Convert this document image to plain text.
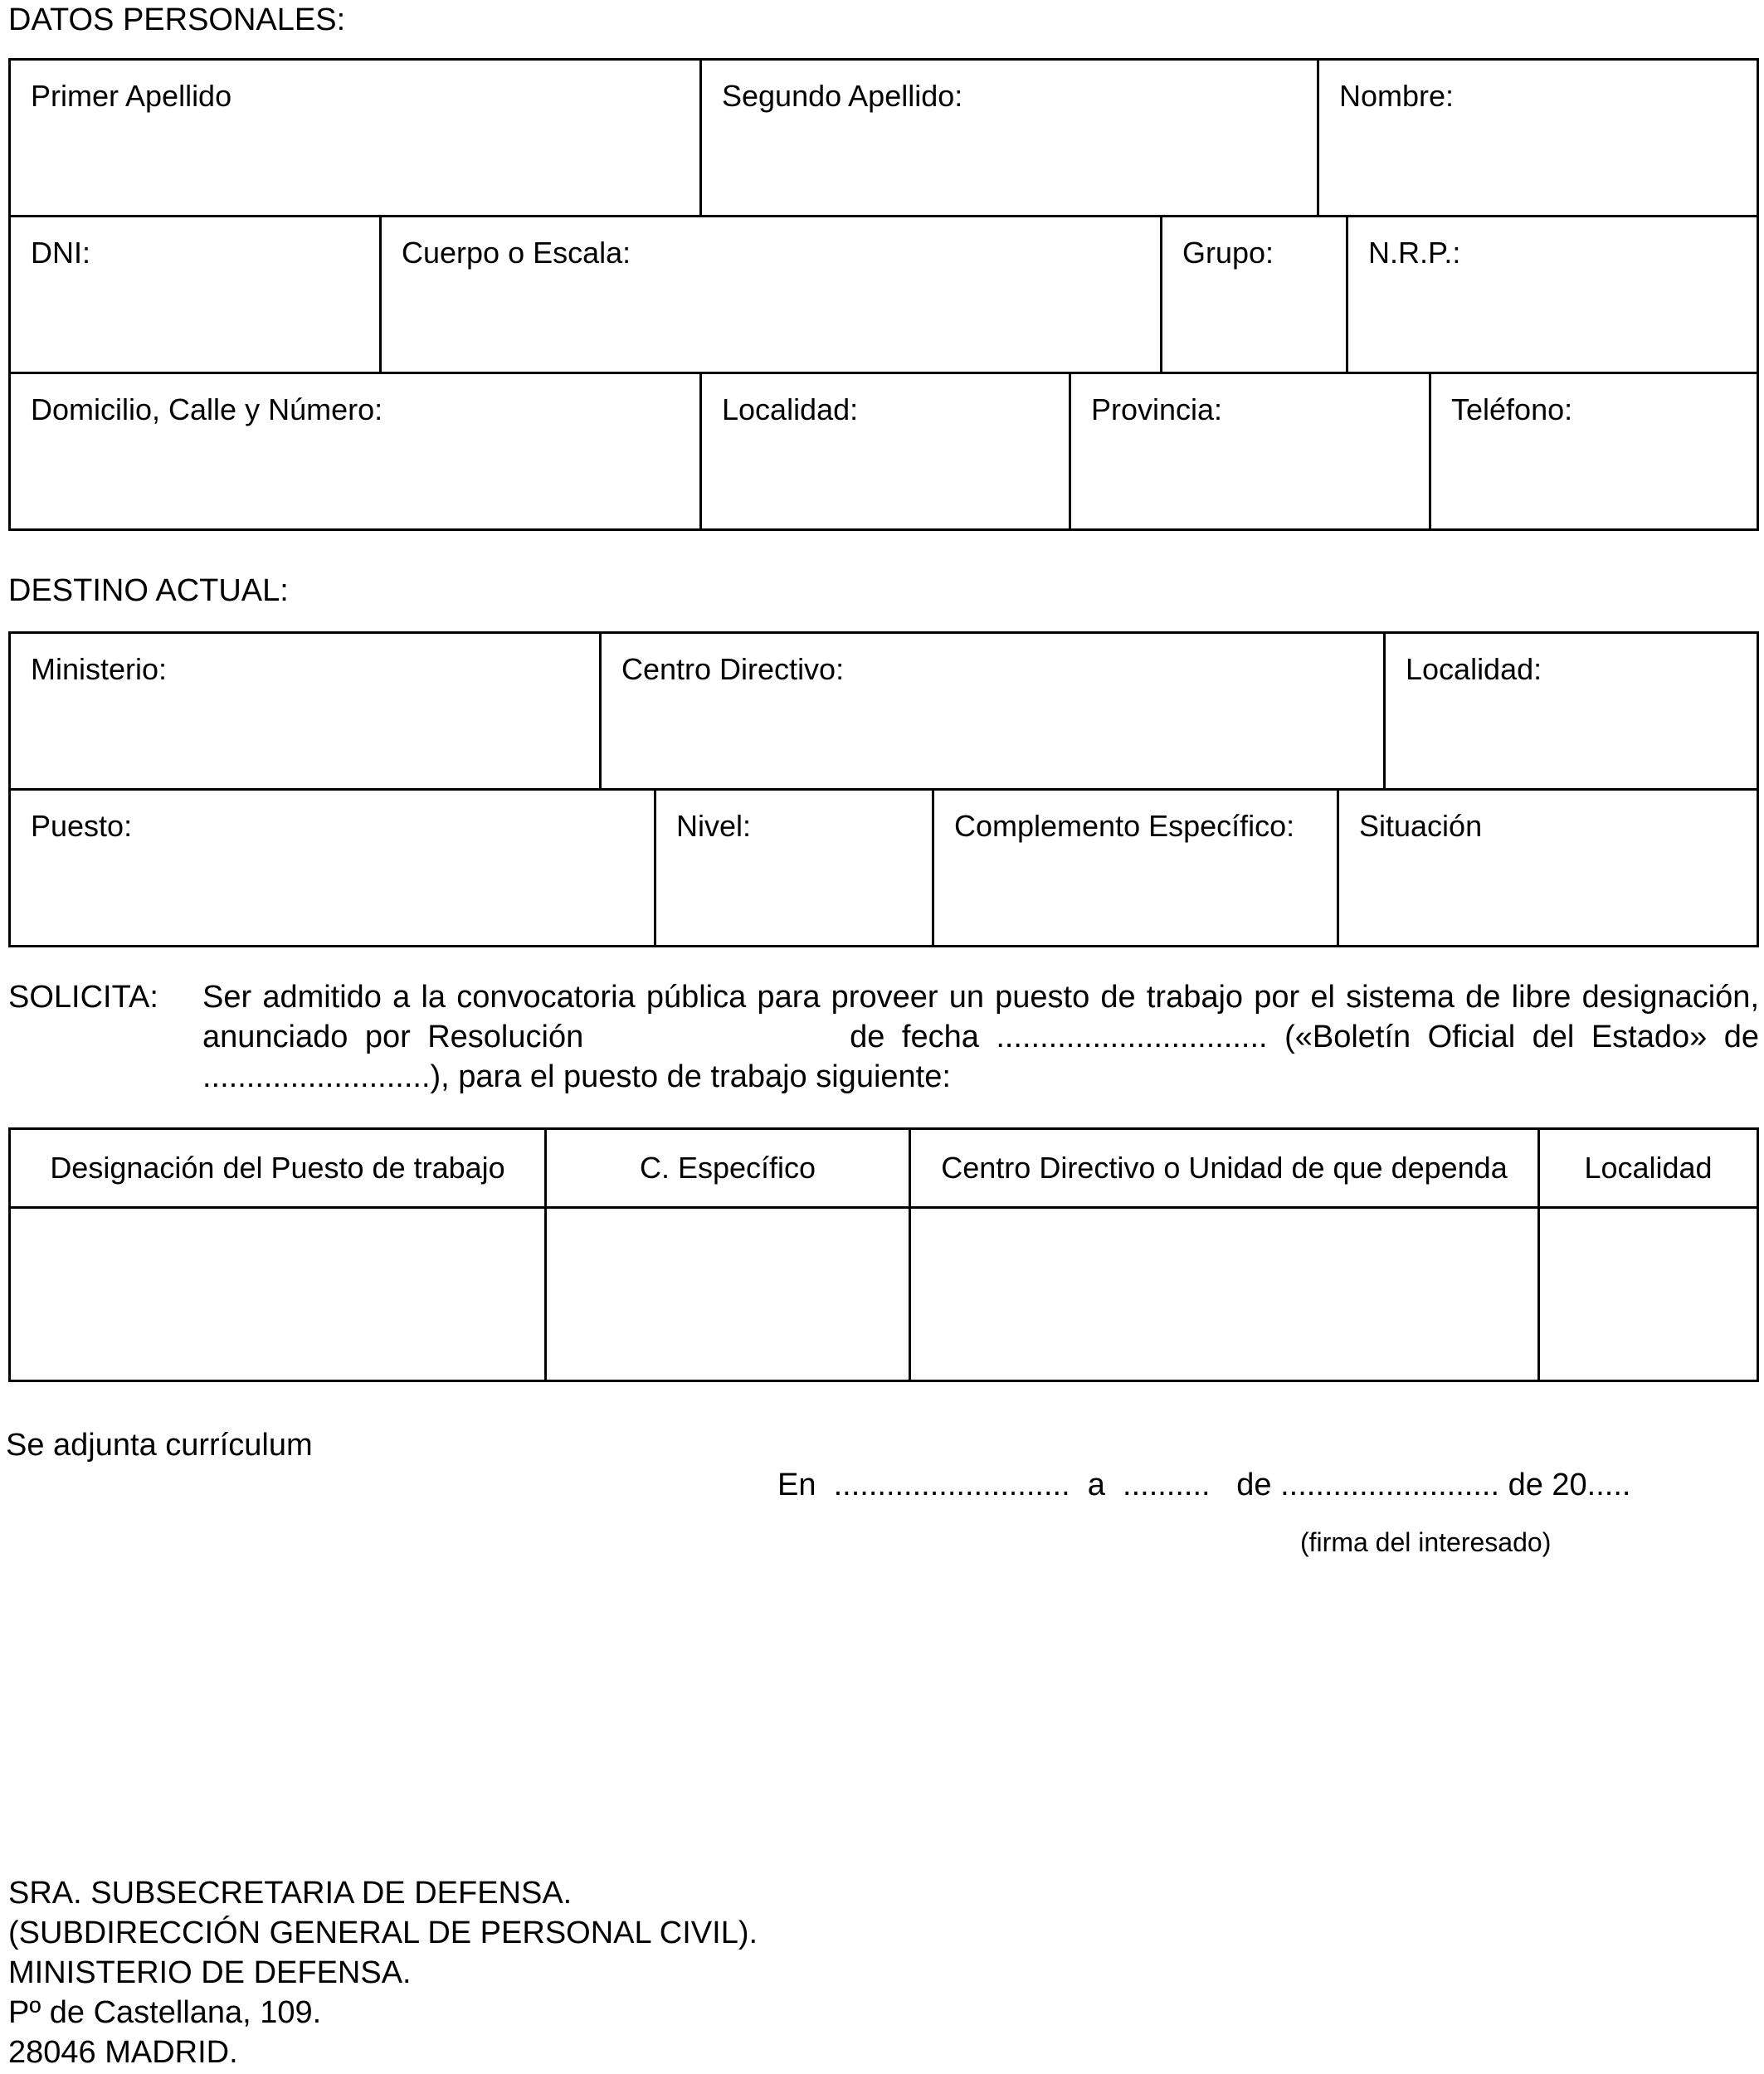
DATOS PERSONALES:
Primer Apellido	Segundo Apellido:	Nombre:
DNI:	Cuerpo o Escala:	Grupo:	N.R.P.:
Domicilio, Calle y Número:	Localidad:	Provincia:	Teléfono:
DESTINO ACTUAL:
Ministerio:	Centro Directivo:	Localidad:
Puesto:	Nivel:	Complemento Específico:	Situación
SOLICITA:	Ser admitido a la convocatoria pública para proveer un puesto de trabajo por el sistema de libre designación, anunciado por Resolución	de fecha ............................... («Boletín Oficial del Estado» de ..........................), para el puesto de trabajo siguiente:
Designación del Puesto de trabajo	C. Específico	Centro Directivo o Unidad de que dependa	Localidad
Se adjunta currículum
En  ...........................  a  ..........   de ......................... de 20.....
(firma del interesado)
SRA. SUBSECRETARIA DE DEFENSA.
(SUBDIRECCIÓN GENERAL DE PERSONAL CIVIL).
MINISTERIO DE DEFENSA.
Pº de Castellana, 109.
28046 MADRID.
